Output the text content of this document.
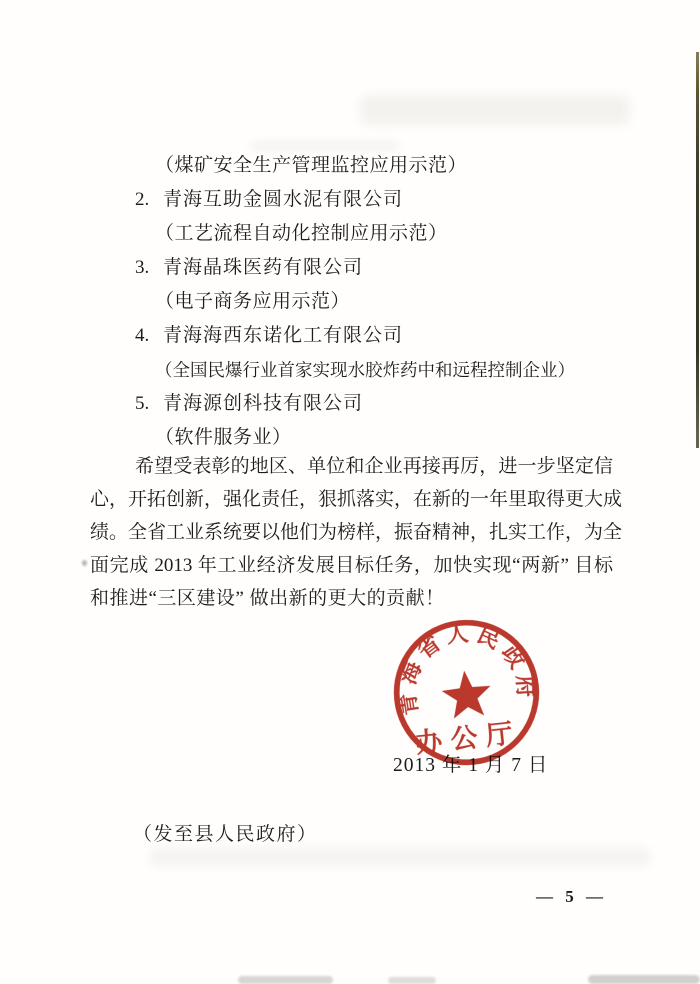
（煤矿安全生产管理监控应用示范）
2. 青海互助金圆水泥有限公司
（工艺流程自动化控制应用示范）
3. 青海晶珠医药有限公司
（电子商务应用示范）
4. 青海海西东诺化工有限公司
（全国民爆行业首家实现水胶炸药中和远程控制企业）
5. 青海源创科技有限公司
（软件服务业）
希望受表彰的地区、单位和企业再接再厉，进一步坚定信
心，开拓创新，强化责任，狠抓落实，在新的一年里取得更大成
绩。全省工业系统要以他们为榜样，振奋精神，扎实工作，为全
面完成 2013 年工业经济发展目标任务，加快实现“两新” 目标
和推进“三区建设” 做出新的更大的贡献！
2013 年 1 月 7 日
青海省人民政府
办公厅
（发至县人民政府）
— 5 —
